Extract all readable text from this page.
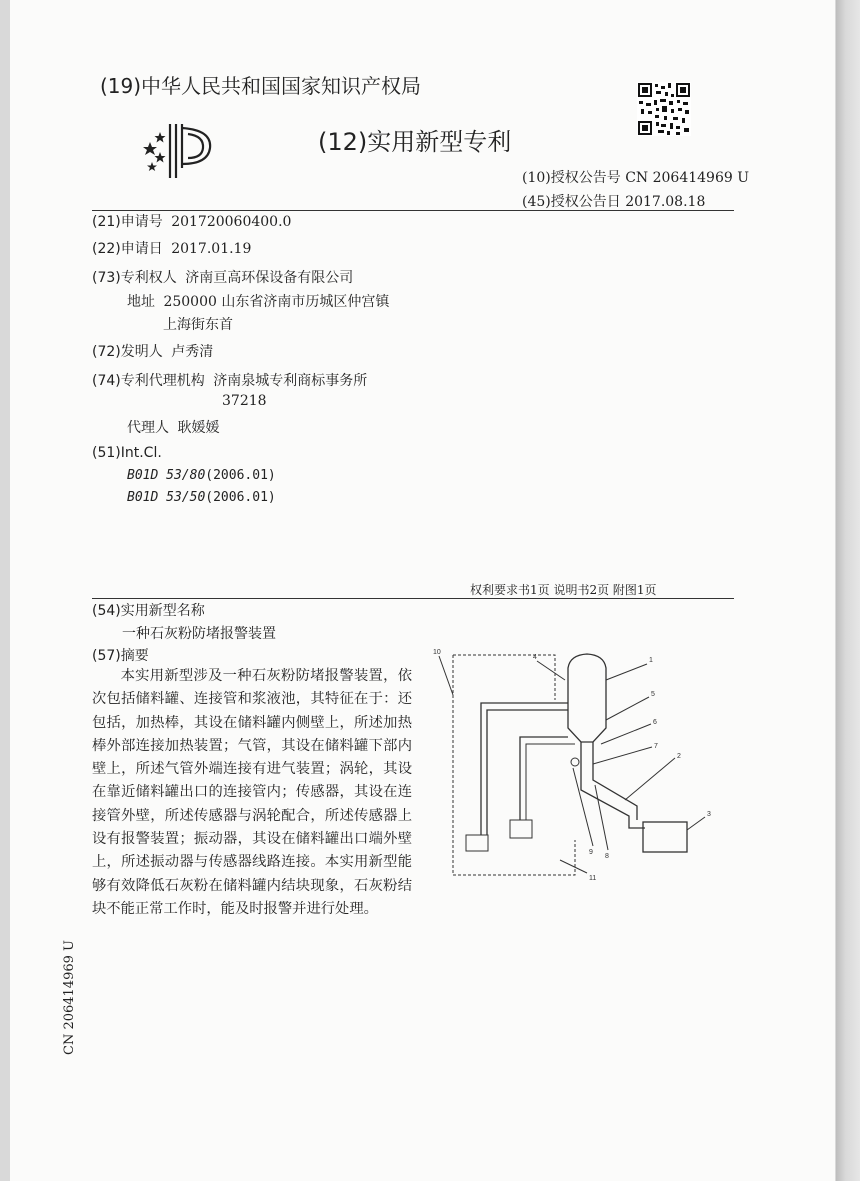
(19)中华人民共和国国家知识产权局
(12)实用新型专利
(10)授权公告号 CN 206414969 U
(45)授权公告日 2017.08.18
(21)申请号 201720060400.0
(22)申请日 2017.01.19
(73)专利权人 济南亘高环保设备有限公司
地址 250000 山东省济南市历城区仲宫镇
上海街东首
(72)发明人 卢秀清
(74)专利代理机构 济南泉城专利商标事务所
37218
代理人 耿媛媛
(51)Int.Cl.
B01D 53/80(2006.01)
B01D 53/50(2006.01)
权利要求书1页 说明书2页 附图1页
(54)实用新型名称
一种石灰粉防堵报警装置
(57)摘要
本实用新型涉及一种石灰粉防堵报警装置，依次包括储料罐、连接管和浆液池，其特征在于：还包括，加热棒，其设在储料罐内侧壁上，所述加热棒外部连接加热装置；气管，其设在储料罐下部内壁上，所述气管外端连接有进气装置；涡轮，其设在靠近储料罐出口的连接管内；传感器，其设在连接管外壁，所述传感器与涡轮配合，所述传感器上设有报警装置；振动器，其设在储料罐出口端外壁上，所述振动器与传感器线路连接。本实用新型能够有效降低石灰粉在储料罐内结块现象，石灰粉结块不能正常工作时，能及时报警并进行处理。
10
4	1
5
6
7
2
3
9
8
11
CN 206414969 U
